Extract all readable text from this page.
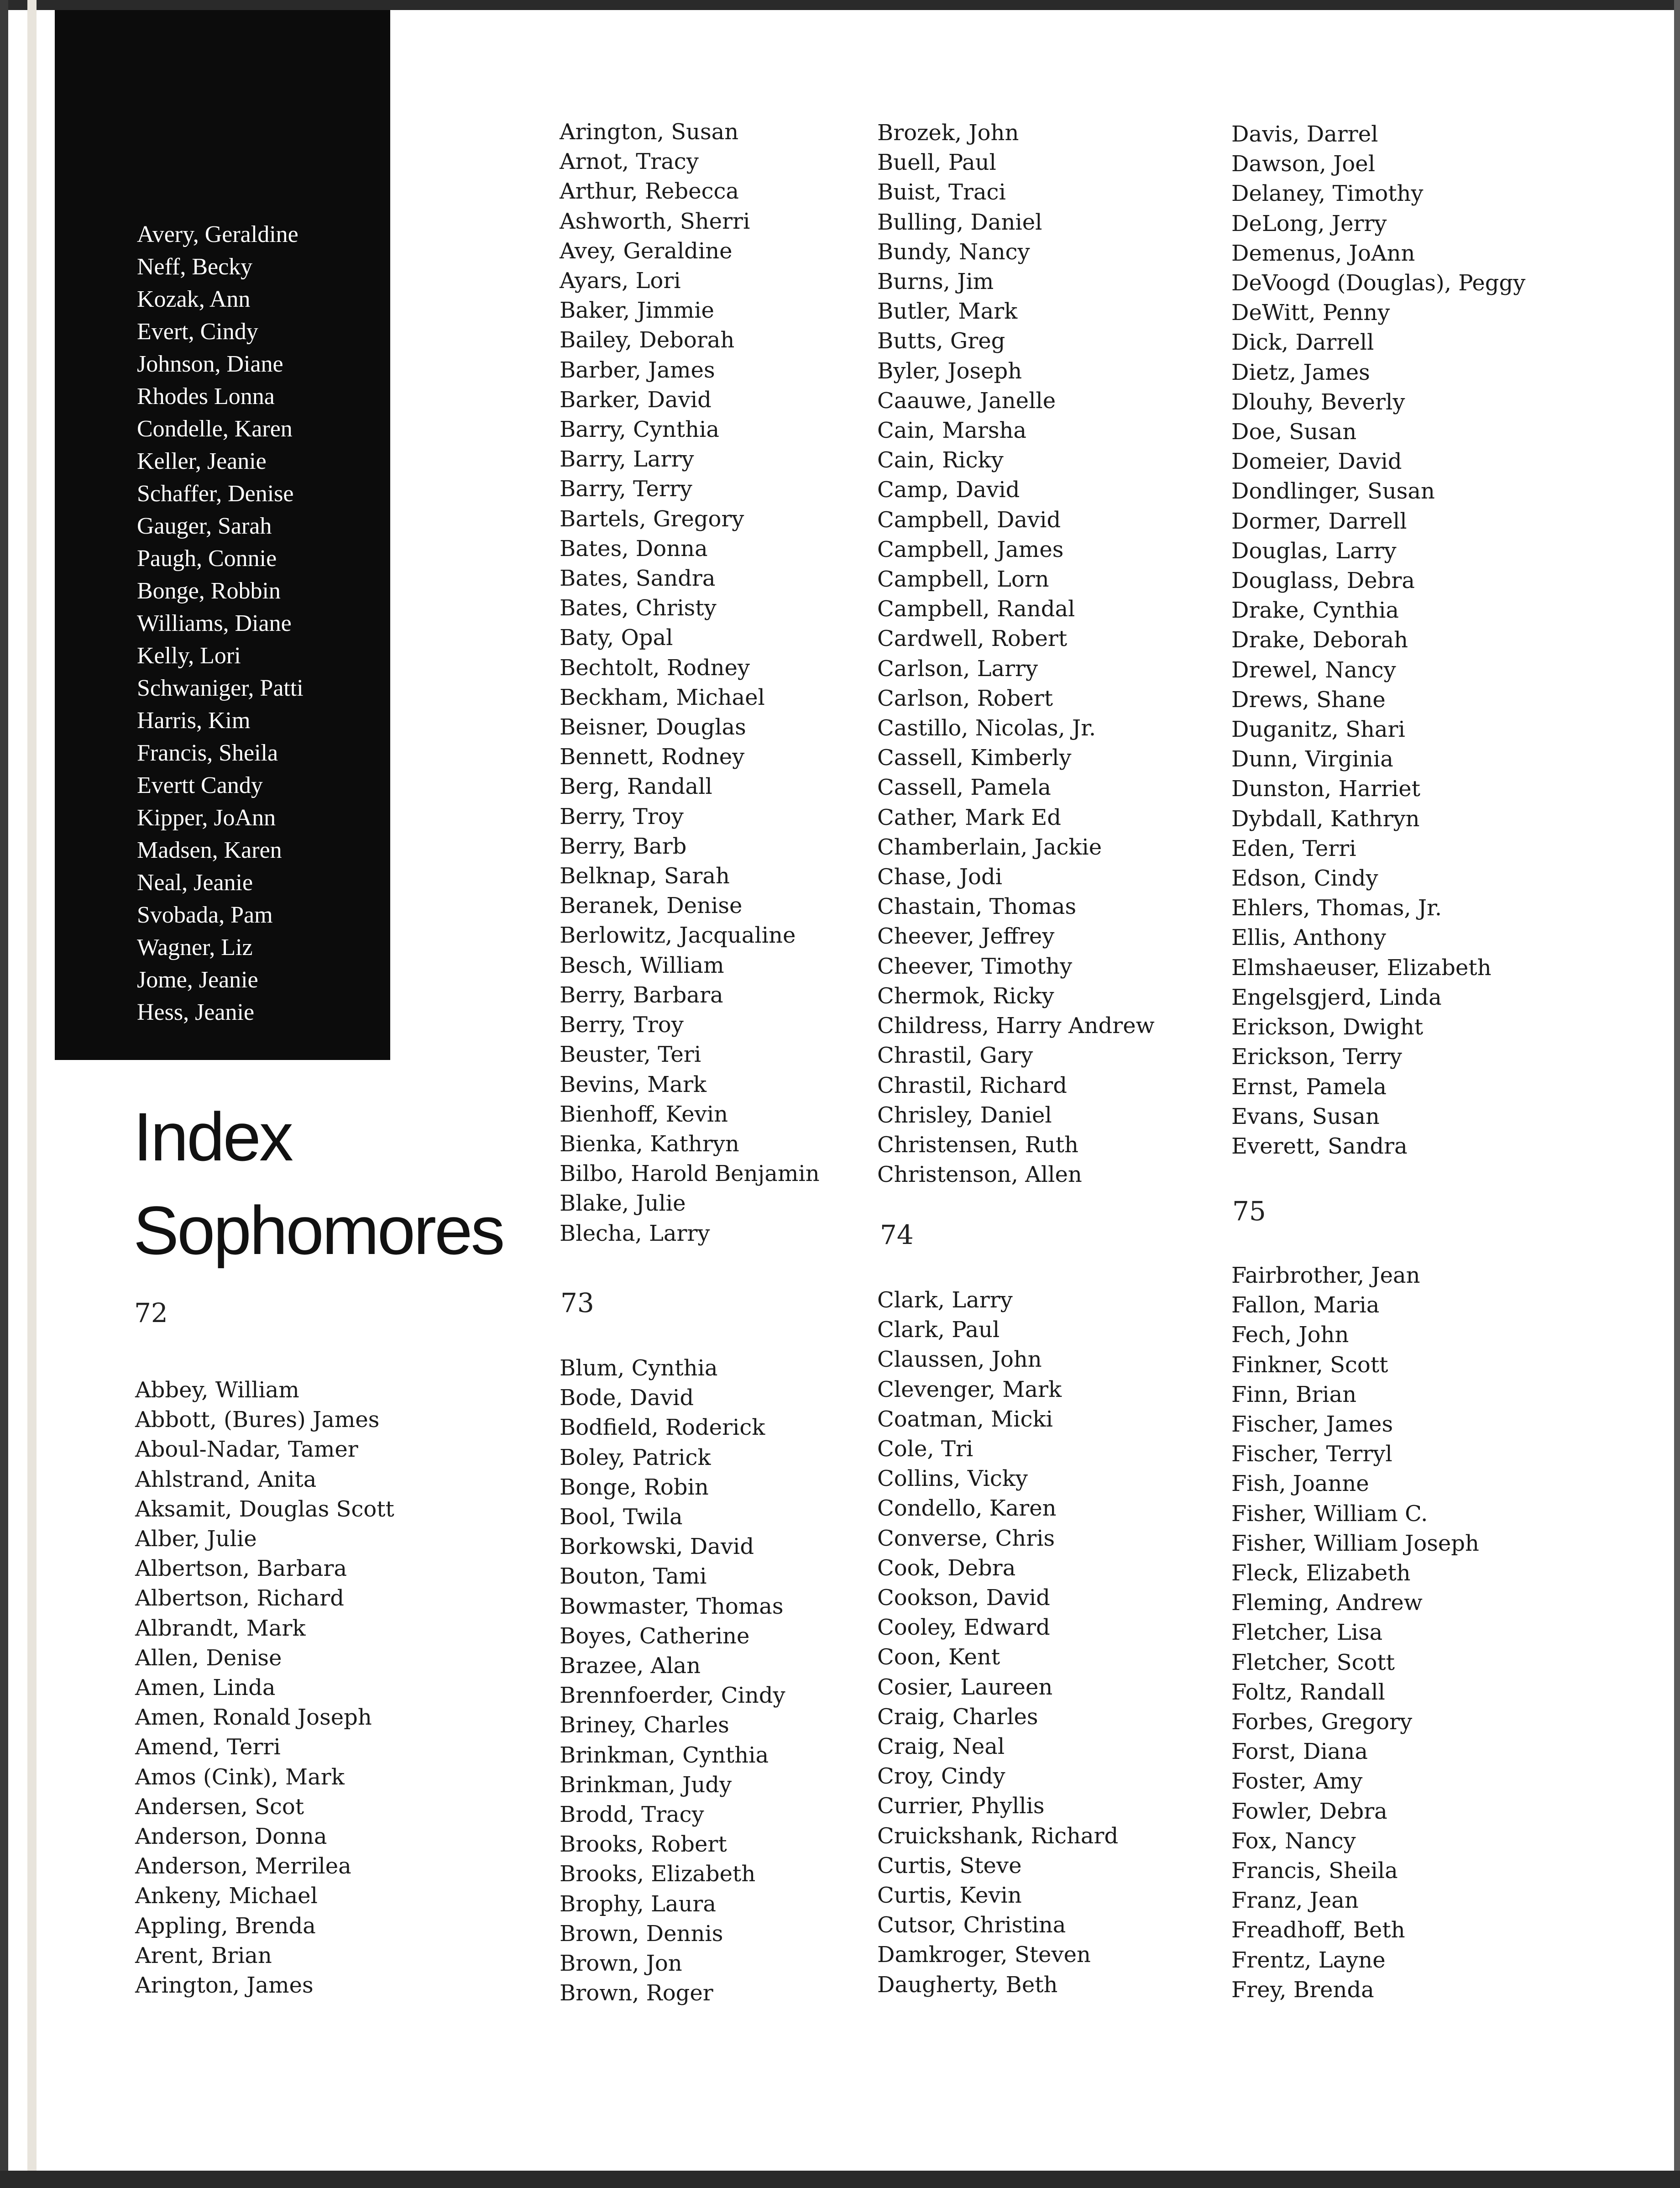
Avery, Geraldine
Neff, Becky
Kozak, Ann
Evert, Cindy
Johnson, Diane
Rhodes Lonna
Condelle, Karen
Keller, Jeanie
Schaffer, Denise
Gauger, Sarah
Paugh, Connie
Bonge, Robbin
Williams, Diane
Kelly, Lori
Schwaniger, Patti
Harris, Kim
Francis, Sheila
Evertt Candy
Kipper, JoAnn
Madsen, Karen
Neal, Jeanie
Svobada, Pam
Wagner, Liz
Jome, Jeanie
Hess, Jeanie
Index
Sophomores
72
Abbey, William
Abbott, (Bures) James
Aboul-Nadar, Tamer
Ahlstrand, Anita
Aksamit, Douglas Scott
Alber, Julie
Albertson, Barbara
Albertson, Richard
Albrandt, Mark
Allen, Denise
Amen, Linda
Amen, Ronald Joseph
Amend, Terri
Amos (Cink), Mark
Andersen, Scot
Anderson, Donna
Anderson, Merrilea
Ankeny, Michael
Appling, Brenda
Arent, Brian
Arington, James
Arington, Susan
Arnot, Tracy
Arthur, Rebecca
Ashworth, Sherri
Avey, Geraldine
Ayars, Lori
Baker, Jimmie
Bailey, Deborah
Barber, James
Barker, David
Barry, Cynthia
Barry, Larry
Barry, Terry
Bartels, Gregory
Bates, Donna
Bates, Sandra
Bates, Christy
Baty, Opal
Bechtolt, Rodney
Beckham, Michael
Beisner, Douglas
Bennett, Rodney
Berg, Randall
Berry, Troy
Berry, Barb
Belknap, Sarah
Beranek, Denise
Berlowitz, Jacqualine
Besch, William
Berry, Barbara
Berry, Troy
Beuster, Teri
Bevins, Mark
Bienhoff, Kevin
Bienka, Kathryn
Bilbo, Harold Benjamin
Blake, Julie
Blecha, Larry
73
Blum, Cynthia
Bode, David
Bodfield, Roderick
Boley, Patrick
Bonge, Robin
Bool, Twila
Borkowski, David
Bouton, Tami
Bowmaster, Thomas
Boyes, Catherine
Brazee, Alan
Brennfoerder, Cindy
Briney, Charles
Brinkman, Cynthia
Brinkman, Judy
Brodd, Tracy
Brooks, Robert
Brooks, Elizabeth
Brophy, Laura
Brown, Dennis
Brown, Jon
Brown, Roger
Brozek, John
Buell, Paul
Buist, Traci
Bulling, Daniel
Bundy, Nancy
Burns, Jim
Butler, Mark
Butts, Greg
Byler, Joseph
Caauwe, Janelle
Cain, Marsha
Cain, Ricky
Camp, David
Campbell, David
Campbell, James
Campbell, Lorn
Campbell, Randal
Cardwell, Robert
Carlson, Larry
Carlson, Robert
Castillo, Nicolas, Jr.
Cassell, Kimberly
Cassell, Pamela
Cather, Mark Ed
Chamberlain, Jackie
Chase, Jodi
Chastain, Thomas
Cheever, Jeffrey
Cheever, Timothy
Chermok, Ricky
Childress, Harry Andrew
Chrastil, Gary
Chrastil, Richard
Chrisley, Daniel
Christensen, Ruth
Christenson, Allen
74
Clark, Larry
Clark, Paul
Claussen, John
Clevenger, Mark
Coatman, Micki
Cole, Tri
Collins, Vicky
Condello, Karen
Converse, Chris
Cook, Debra
Cookson, David
Cooley, Edward
Coon, Kent
Cosier, Laureen
Craig, Charles
Craig, Neal
Croy, Cindy
Currier, Phyllis
Cruickshank, Richard
Curtis, Steve
Curtis, Kevin
Cutsor, Christina
Damkroger, Steven
Daugherty, Beth
Davis, Darrel
Dawson, Joel
Delaney, Timothy
DeLong, Jerry
Demenus, JoAnn
DeVoogd (Douglas), Peggy
DeWitt, Penny
Dick, Darrell
Dietz, James
Dlouhy, Beverly
Doe, Susan
Domeier, David
Dondlinger, Susan
Dormer, Darrell
Douglas, Larry
Douglass, Debra
Drake, Cynthia
Drake, Deborah
Drewel, Nancy
Drews, Shane
Duganitz, Shari
Dunn, Virginia
Dunston, Harriet
Dybdall, Kathryn
Eden, Terri
Edson, Cindy
Ehlers, Thomas, Jr.
Ellis, Anthony
Elmshaeuser, Elizabeth
Engelsgjerd, Linda
Erickson, Dwight
Erickson, Terry
Ernst, Pamela
Evans, Susan
Everett, Sandra
75
Fairbrother, Jean
Fallon, Maria
Fech, John
Finkner, Scott
Finn, Brian
Fischer, James
Fischer, Terryl
Fish, Joanne
Fisher, William C.
Fisher, William Joseph
Fleck, Elizabeth
Fleming, Andrew
Fletcher, Lisa
Fletcher, Scott
Foltz, Randall
Forbes, Gregory
Forst, Diana
Foster, Amy
Fowler, Debra
Fox, Nancy
Francis, Sheila
Franz, Jean
Freadhoff, Beth
Frentz, Layne
Frey, Brenda
